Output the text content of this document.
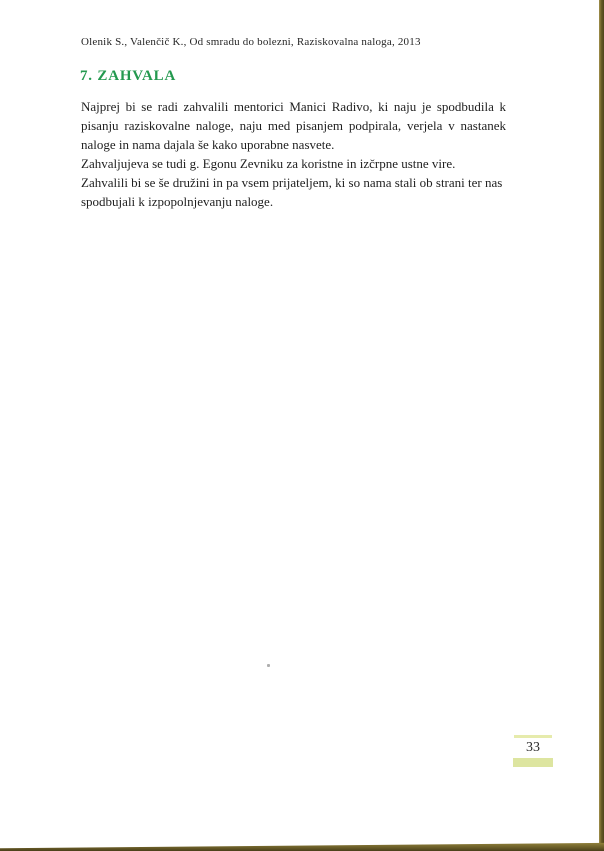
Olenik S., Valenčič K., Od smradu do bolezni, Raziskovalna naloga, 2013
7. ZAHVALA

Najprej bi se radi zahvalili mentorici Manici Radivo, ki naju je spodbudila k pisanju raziskovalne naloge, naju med pisanjem podpirala, verjela v nastanek naloge in nama dajala še kako uporabne nasvete.

Zahvaljujeva se tudi g. Egonu Zevniku za koristne in izčrpne ustne vire.

Zahvalili bi se še družini in pa vsem prijateljem, ki so nama stali ob strani ter nas spodbujali k izpopolnjevanju naloge.

33
